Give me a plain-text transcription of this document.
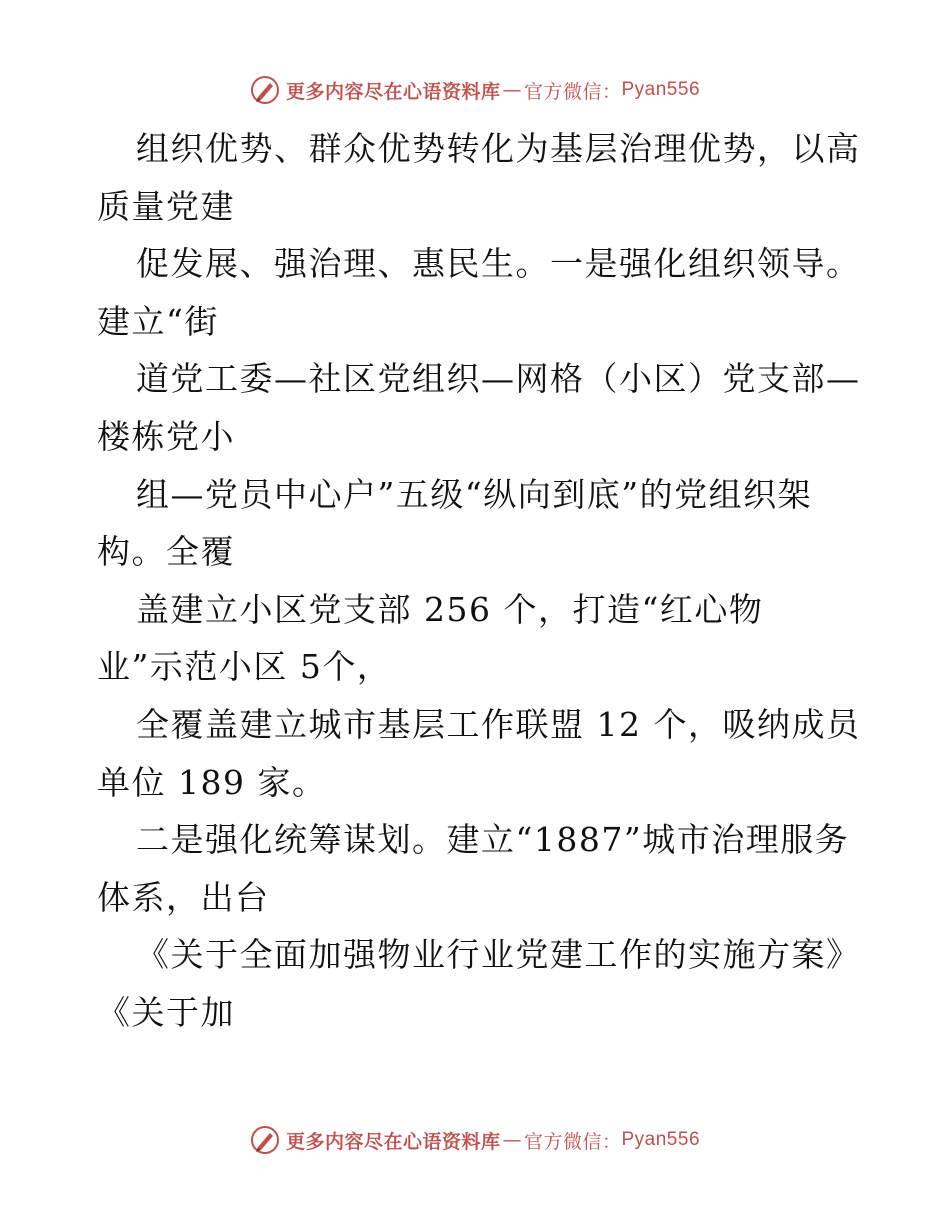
更多内容尽在心语资料库 — 官方微信： Pyan556
组织优势、群众优势转化为基层治理优势，以高
质量党建
促发展、强治理、惠民生。一是强化组织领导。
建立“街
道党工委—社区党组织—网格（小区）党支部—
楼栋党小
组—党员中心户”五级“纵向到底”的党组织架
构。全覆
盖建立小区党支部 256 个，打造“红心物
业”示范小区 5个，
全覆盖建立城市基层工作联盟 12 个，吸纳成员
单位 189 家。
二是强化统筹谋划。建立“1887”城市治理服务
体系，出台
《关于全面加强物业行业党建工作的实施方案》
《关于加
更多内容尽在心语资料库 — 官方微信： Pyan556
